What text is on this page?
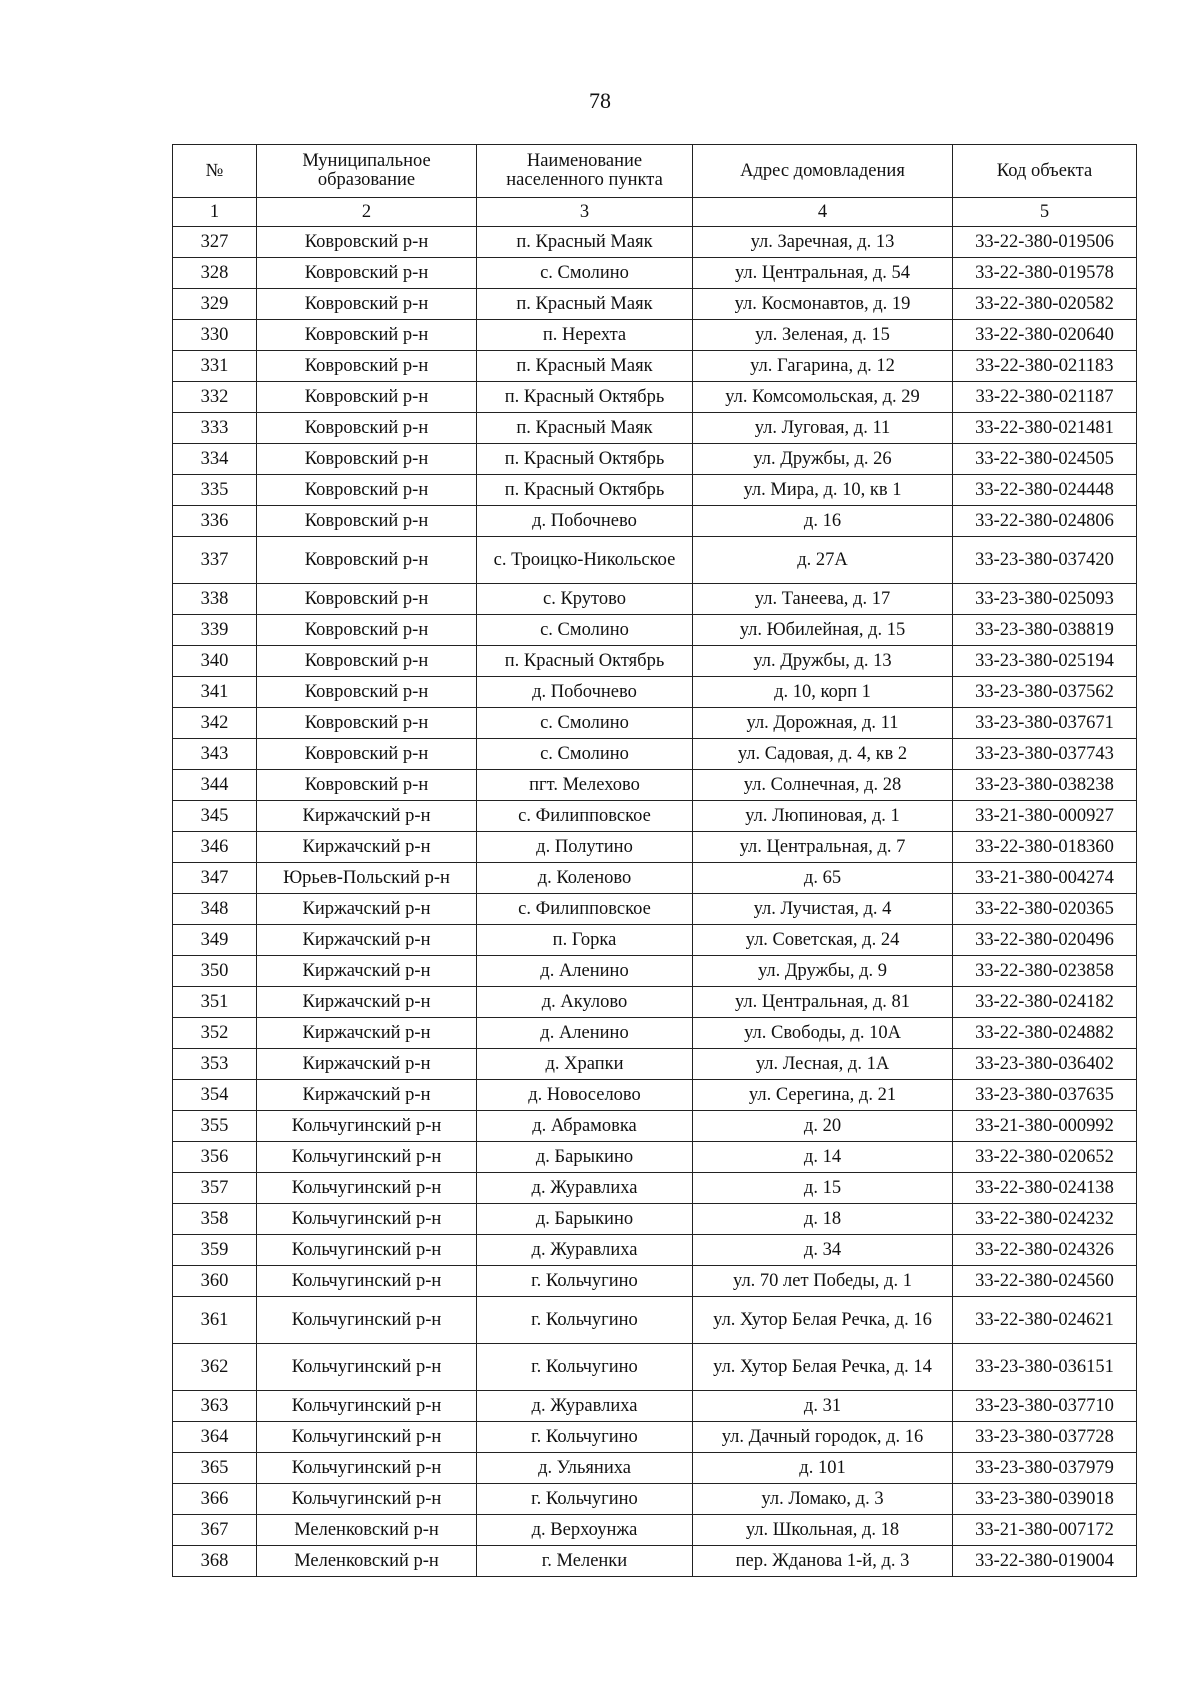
78
№	Муниципальное образование	Наименование населенного пункта	Адрес домовладения	Код объекта
1	2	3	4	5
327	Ковровский р-н	п. Красный Маяк	ул. Заречная, д. 13	33-22-380-019506
328	Ковровский р-н	с. Смолино	ул. Центральная, д. 54	33-22-380-019578
329	Ковровский р-н	п. Красный Маяк	ул. Космонавтов, д. 19	33-22-380-020582
330	Ковровский р-н	п. Нерехта	ул. Зеленая, д. 15	33-22-380-020640
331	Ковровский р-н	п. Красный Маяк	ул. Гагарина, д. 12	33-22-380-021183
332	Ковровский р-н	п. Красный Октябрь	ул. Комсомольская, д. 29	33-22-380-021187
333	Ковровский р-н	п. Красный Маяк	ул. Луговая, д. 11	33-22-380-021481
334	Ковровский р-н	п. Красный Октябрь	ул. Дружбы, д. 26	33-22-380-024505
335	Ковровский р-н	п. Красный Октябрь	ул. Мира, д. 10, кв 1	33-22-380-024448
336	Ковровский р-н	д. Побочнево	д. 16	33-22-380-024806
337	Ковровский р-н	с. Троицко-Никольское	д. 27А	33-23-380-037420
338	Ковровский р-н	с. Крутово	ул. Танеева, д. 17	33-23-380-025093
339	Ковровский р-н	с. Смолино	ул. Юбилейная, д. 15	33-23-380-038819
340	Ковровский р-н	п. Красный Октябрь	ул. Дружбы, д. 13	33-23-380-025194
341	Ковровский р-н	д. Побочнево	д. 10, корп 1	33-23-380-037562
342	Ковровский р-н	с. Смолино	ул. Дорожная, д. 11	33-23-380-037671
343	Ковровский р-н	с. Смолино	ул. Садовая, д. 4, кв 2	33-23-380-037743
344	Ковровский р-н	пгт. Мелехово	ул. Солнечная, д. 28	33-23-380-038238
345	Киржачский р-н	с. Филипповское	ул. Люпиновая, д. 1	33-21-380-000927
346	Киржачский р-н	д. Полутино	ул. Центральная, д. 7	33-22-380-018360
347	Юрьев-Польский р-н	д. Коленово	д. 65	33-21-380-004274
348	Киржачский р-н	с. Филипповское	ул. Лучистая, д. 4	33-22-380-020365
349	Киржачский р-н	п. Горка	ул. Советская, д. 24	33-22-380-020496
350	Киржачский р-н	д. Аленино	ул. Дружбы, д. 9	33-22-380-023858
351	Киржачский р-н	д. Акулово	ул. Центральная, д. 81	33-22-380-024182
352	Киржачский р-н	д. Аленино	ул. Свободы, д. 10А	33-22-380-024882
353	Киржачский р-н	д. Храпки	ул. Лесная, д. 1А	33-23-380-036402
354	Киржачский р-н	д. Новоселово	ул. Серегина, д. 21	33-23-380-037635
355	Кольчугинский р-н	д. Абрамовка	д. 20	33-21-380-000992
356	Кольчугинский р-н	д. Барыкино	д. 14	33-22-380-020652
357	Кольчугинский р-н	д. Журавлиха	д. 15	33-22-380-024138
358	Кольчугинский р-н	д. Барыкино	д. 18	33-22-380-024232
359	Кольчугинский р-н	д. Журавлиха	д. 34	33-22-380-024326
360	Кольчугинский р-н	г. Кольчугино	ул. 70 лет Победы, д. 1	33-22-380-024560
361	Кольчугинский р-н	г. Кольчугино	ул. Хутор Белая Речка, д. 16	33-22-380-024621
362	Кольчугинский р-н	г. Кольчугино	ул. Хутор Белая Речка, д. 14	33-23-380-036151
363	Кольчугинский р-н	д. Журавлиха	д. 31	33-23-380-037710
364	Кольчугинский р-н	г. Кольчугино	ул. Дачный городок, д. 16	33-23-380-037728
365	Кольчугинский р-н	д. Ульяниха	д. 101	33-23-380-037979
366	Кольчугинский р-н	г. Кольчугино	ул. Ломако, д. 3	33-23-380-039018
367	Меленковский р-н	д. Верхоунжа	ул. Школьная, д. 18	33-21-380-007172
368	Меленковский р-н	г. Меленки	пер. Жданова 1-й, д. 3	33-22-380-019004
